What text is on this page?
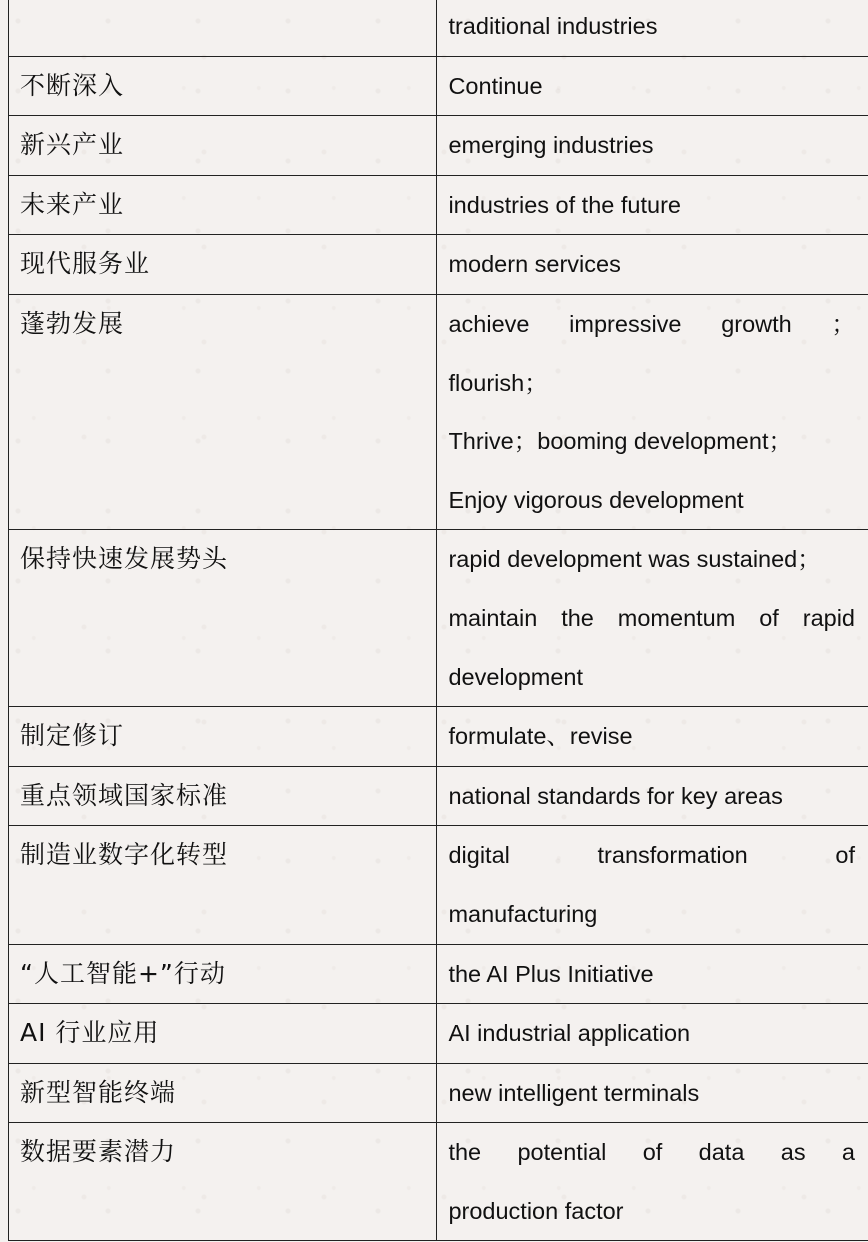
	traditional industries

不断深入	Continue

新兴产业	emerging industries

未来产业	industries of the future

现代服务业	modern services

蓬勃发展	achieve impressive growth ；
flourish；
Thrive；booming development；
Enjoy vigorous development

保持快速发展势头	rapid development was sustained；
maintain the momentum of rapid
development

制定修订	formulate、revise

重点领域国家标准	national standards for key areas

制造业数字化转型	digital transformation of
manufacturing

“人工智能+”行动	the AI Plus Initiative

AI 行业应用	AI industrial application

新型智能终端	new intelligent terminals

数据要素潜力	the potential of data as a
production factor
